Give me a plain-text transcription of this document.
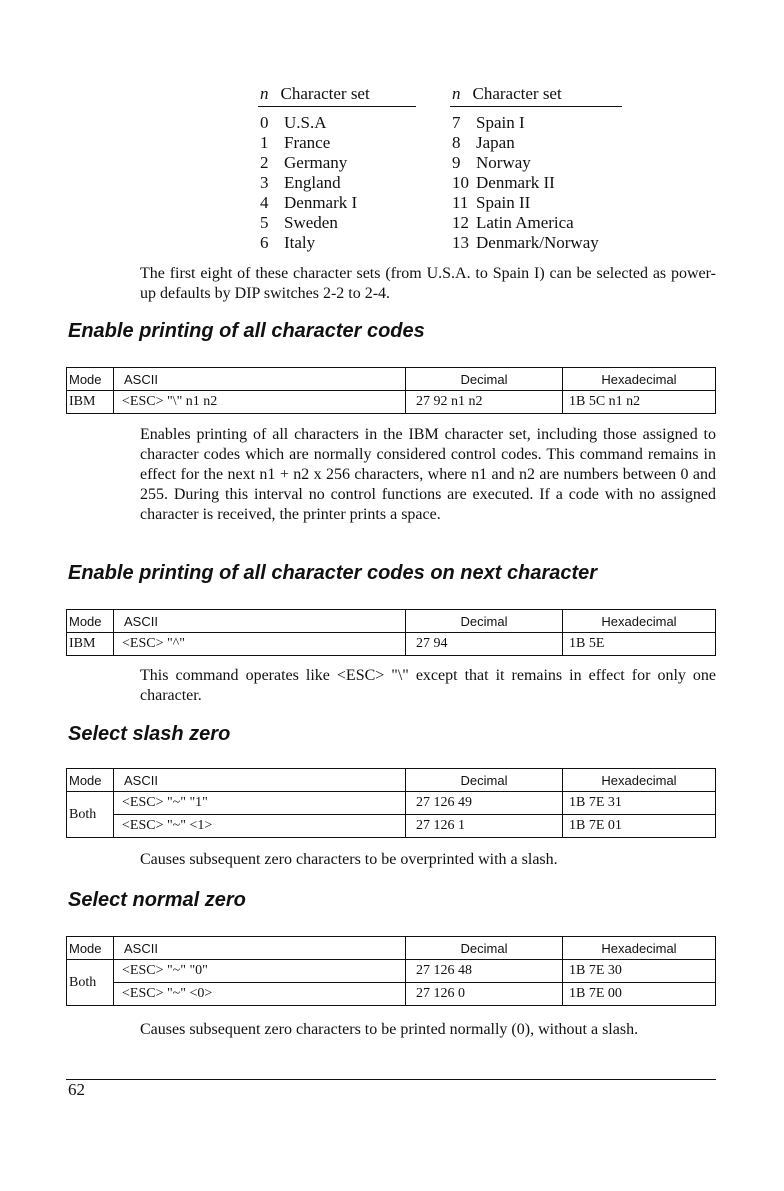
n Character set	n Character set
0 U.S.A
1 France
2 Germany
3 England
4 Denmark I
5 Sweden
6 Italy
7 Spain I
8 Japan
9 Norway
10 Denmark II
11 Spain II
12 Latin America
13 Denmark/Norway
The first eight of these character sets (from U.S.A. to Spain I) can be selected as power-up defaults by DIP switches 2-2 to 2-4.
Enable printing of all character codes
Mode	ASCII	Decimal	Hexadecimal
IBM	<ESC> "\" n1 n2	27 92 n1 n2	1B 5C n1 n2
Enables printing of all characters in the IBM character set, including those assigned to character codes which are normally considered control codes. This command remains in effect for the next n1 + n2 x 256 characters, where n1 and n2 are numbers between 0 and 255. During this interval no control functions are executed. If a code with no assigned character is received, the printer prints a space.
Enable printing of all character codes on next character
Mode	ASCII	Decimal	Hexadecimal
IBM	<ESC> "^"	27 94	1B 5E
This command operates like <ESC> "\" except that it remains in effect for only one character.
Select slash zero
Mode	ASCII	Decimal	Hexadecimal
Both
<ESC> "~" "1"	27 126 49	1B 7E 31
<ESC> "~" <1>	27 126 1	1B 7E 01
Causes subsequent zero characters to be overprinted with a slash.
Select normal zero
Mode	ASCII	Decimal	Hexadecimal
Both
<ESC> "~" "0"	27 126 48	1B 7E 30
<ESC> "~" <0>	27 126 0	1B 7E 00
Causes subsequent zero characters to be printed normally (0), without a slash.
62
